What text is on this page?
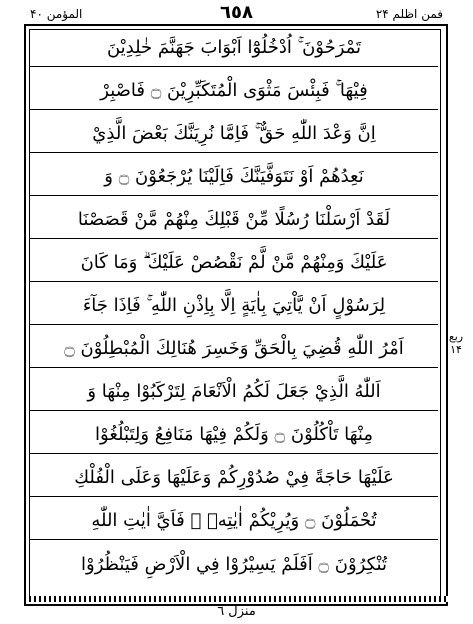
فمن اظلم ۲۴
٦٥٨
المؤمن ۴۰
تَمْرَحُوْنَ ۚ اُدْخُلُوْٓا اَبْوَابَ جَهَنَّمَ خٰلِدِيْنَ
فِيْهَا ۚ فَبِئْسَ مَثْوَى الْمُتَكَبِّرِيْنَ ۝ فَاصْبِرْ
اِنَّ وَعْدَ اللّٰهِ حَقٌّ ۚ فَاِمَّا نُرِيَنَّكَ بَعْضَ الَّذِيْ
نَعِدُهُمْ اَوْ نَتَوَفَّيَنَّكَ فَاِلَيْنَا يُرْجَعُوْنَ ۝ وَ
لَقَدْ اَرْسَلْنَا رُسُلًا مِّنْ قَبْلِكَ مِنْهُمْ مَّنْ قَصَصْنَا
عَلَيْكَ وَمِنْهُمْ مَّنْ لَّمْ نَقْصُصْ عَلَيْكَ ۗ وَمَا كَانَ
لِرَسُوْلٍ اَنْ يَّاْتِيَ بِاٰيَةٍ اِلَّا بِاِذْنِ اللّٰهِ ۚ فَاِذَا جَآءَ
اَمْرُ اللّٰهِ قُضِيَ بِالْحَقِّ وَخَسِرَ هُنَالِكَ الْمُبْطِلُوْنَ ۝
اَللّٰهُ الَّذِيْ جَعَلَ لَكُمُ الْاَنْعَامَ لِتَرْكَبُوْا مِنْهَا وَ
مِنْهَا تَاْكُلُوْنَ ۝ وَلَكُمْ فِيْهَا مَنَافِعُ وَلِتَبْلُغُوْا
عَلَيْهَا حَاجَةً فِيْ صُدُوْرِكُمْ وَعَلَيْهَا وَعَلَى الْفُلْكِ
تُحْمَلُوْنَ ۝ وَيُرِيْكُمْ اٰيٰتِهٖ ۗ فَاَيَّ اٰيٰتِ اللّٰهِ
تُنْكِرُوْنَ ۝ اَفَلَمْ يَسِيْرُوْا فِي الْاَرْضِ فَيَنْظُرُوْا
ربع ۱۴
منزل ٦
